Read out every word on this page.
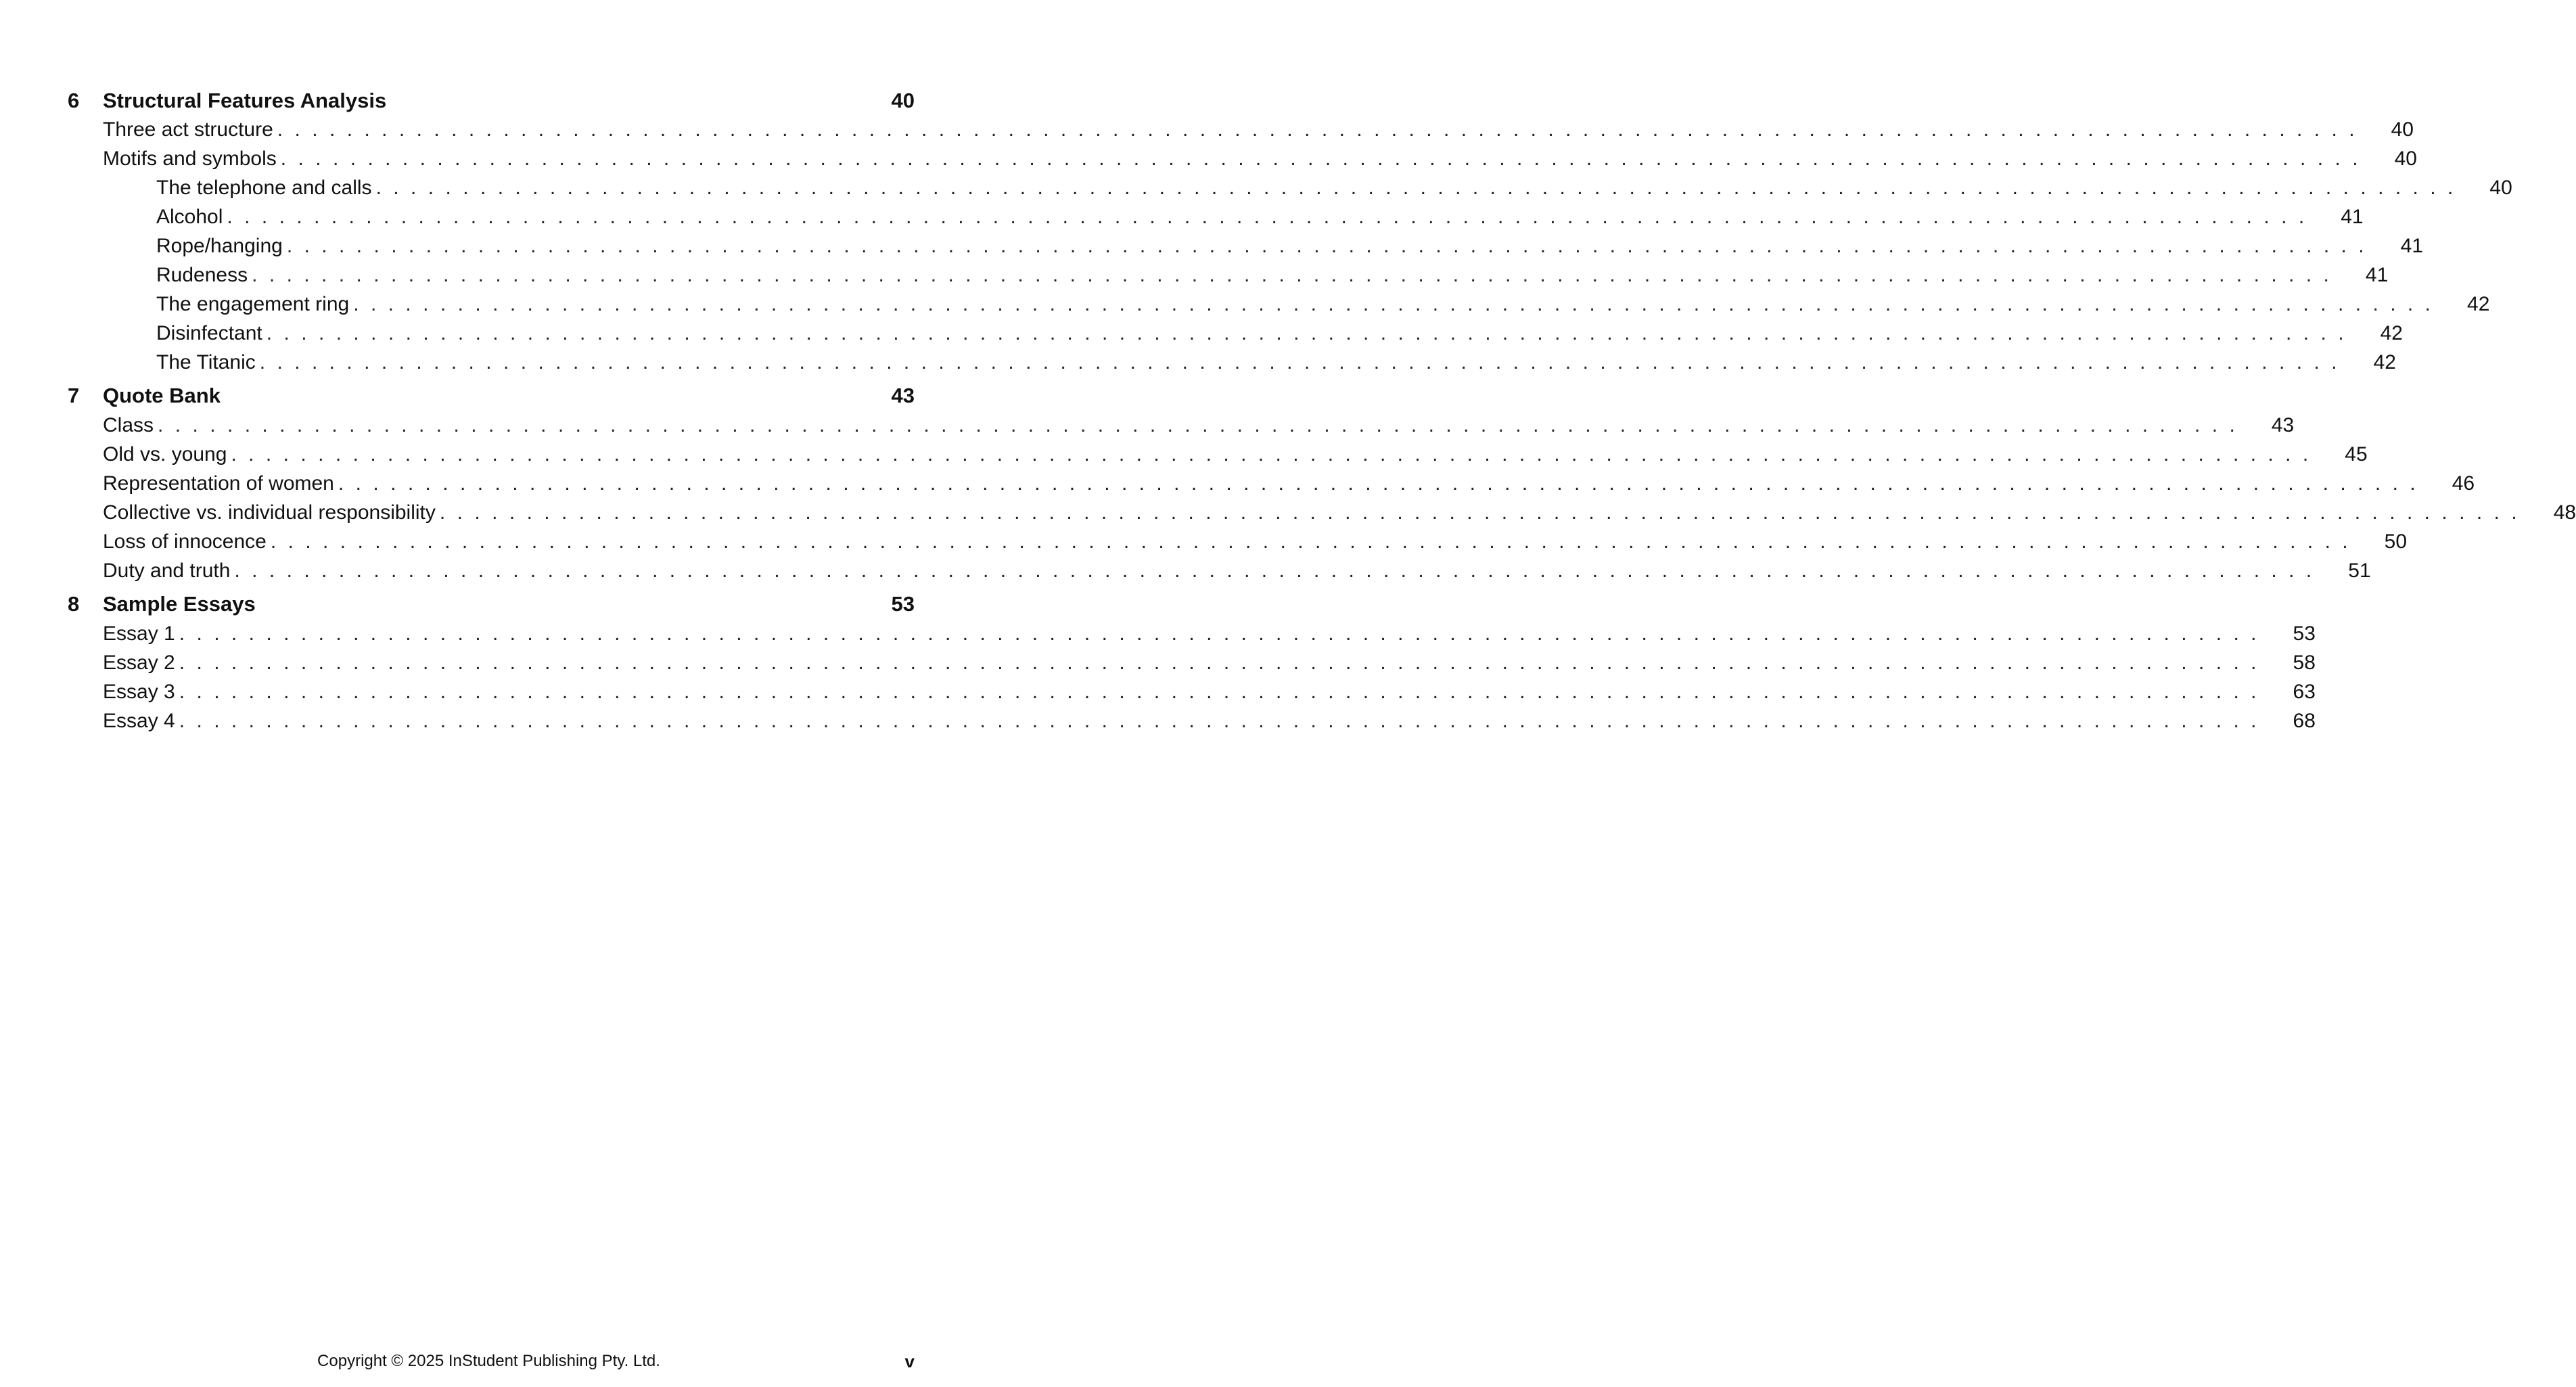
6 Structural Features Analysis	40
Three act structure ........................................................................................................................	40
Motifs and symbols ........................................................................................................................	40
The telephone and calls ........................................................................................................................	40
Alcohol ........................................................................................................................	41
Rope/hanging ........................................................................................................................	41
Rudeness ........................................................................................................................	41
The engagement ring ........................................................................................................................	42
Disinfectant ........................................................................................................................	42
The Titanic ........................................................................................................................	42
7 Quote Bank	43
Class ........................................................................................................................	43
Old vs. young ........................................................................................................................	45
Representation of women ........................................................................................................................	46
Collective vs. individual responsibility ........................................................................................................................	48
Loss of innocence ........................................................................................................................	50
Duty and truth ........................................................................................................................	51
8 Sample Essays	53
Essay 1 ........................................................................................................................	53
Essay 2 ........................................................................................................................	58
Essay 3 ........................................................................................................................	63
Essay 4 ........................................................................................................................	68
Copyright © 2025 InStudent Publishing Pty. Ltd.	v
